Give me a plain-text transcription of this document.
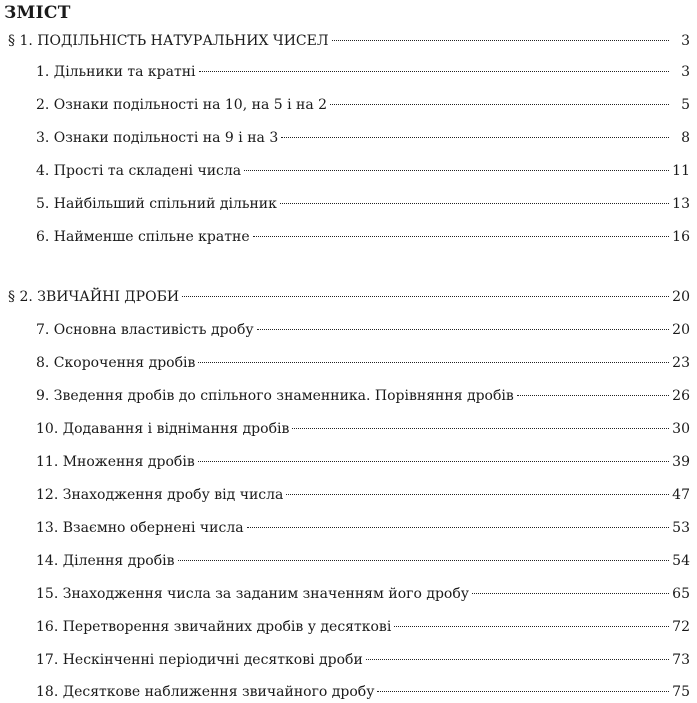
ЗМІСТ
§ 1. ПОДІЛЬНІСТЬ НАТУРАЛЬНИХ ЧИСЕЛ	3
1. Дільники та кратні	3
2. Ознаки подільності на 10, на 5 і на 2	5
3. Ознаки подільності на 9 і на 3	8
4. Прості та складені числа	11
5. Найбільший спільний дільник	13
6. Найменше спільне кратне	16
§ 2. ЗВИЧАЙНІ ДРОБИ	20
7. Основна властивість дробу	20
8. Скорочення дробів	23
9. Зведення дробів до спільного знаменника. Порівняння дробів	26
10. Додавання і віднімання дробів	30
11. Множення дробів	39
12. Знаходження дробу від числа	47
13. Взаємно обернені числа	53
14. Ділення дробів	54
15. Знаходження числа за заданим значенням його дробу	65
16. Перетворення звичайних дробів у десяткові	72
17. Нескінченні періодичні десяткові дроби	73
18. Десяткове наближення звичайного дробу	75
